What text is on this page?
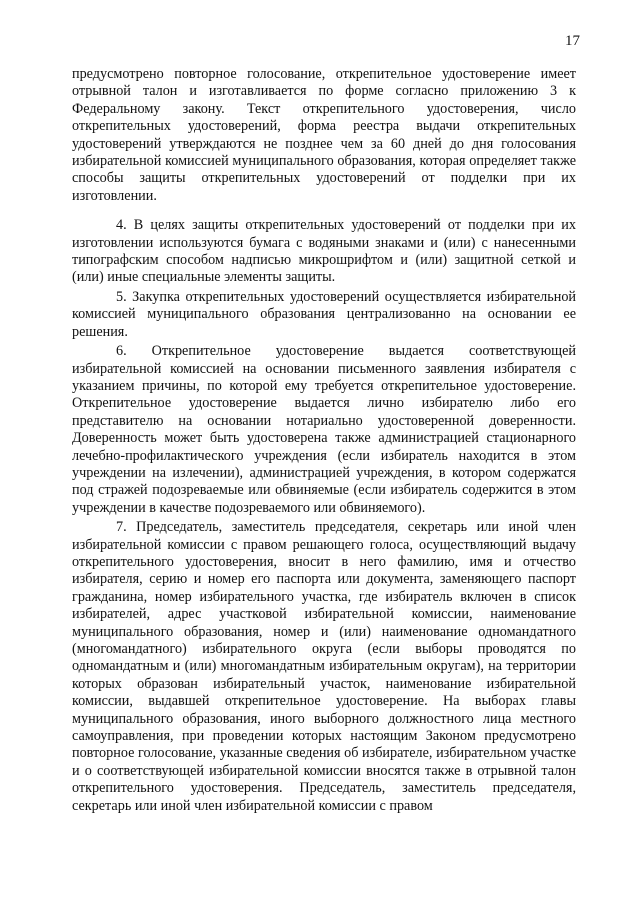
17

предусмотрено повторное голосование, открепительное удостоверение имеет отрывной талон и изготавливается по форме согласно приложению 3 к Федеральному закону. Текст открепительного удостоверения, число открепительных удостоверений, форма реестра выдачи открепительных удостоверений утверждаются не позднее чем за 60 дней до дня голосования избирательной комиссией муниципального образования, которая определяет также способы защиты открепительных удостоверений от подделки при их изготовлении.

4. В целях защиты открепительных удостоверений от подделки при их изготовлении используются бумага с водяными знаками и (или) с нанесенными типографским способом надписью микрошрифтом и (или) защитной сеткой и (или) иные специальные элементы защиты.

5. Закупка открепительных удостоверений осуществляется избирательной комиссией муниципального образования централизованно на основании ее решения.

6. Открепительное удостоверение выдается соответствующей избирательной комиссией на основании письменного заявления избирателя с указанием причины, по которой ему требуется открепительное удостоверение. Открепительное удостоверение выдается лично избирателю либо его представителю на основании нотариально удостоверенной доверенности. Доверенность может быть удостоверена также администрацией стационарного лечебно-профилактического учреждения (если избиратель находится в этом учреждении на излечении), администрацией учреждения, в котором содержатся под стражей подозреваемые или обвиняемые (если избиратель содержится в этом учреждении в качестве подозреваемого или обвиняемого).

7. Председатель, заместитель председателя, секретарь или иной член избирательной комиссии с правом решающего голоса, осуществляющий выдачу открепительного удостоверения, вносит в него фамилию, имя и отчество избирателя, серию и номер его паспорта или документа, заменяющего паспорт гражданина, номер избирательного участка, где избиратель включен в список избирателей, адрес участковой избирательной комиссии, наименование муниципального образования, номер и (или) наименование одномандатного (многомандатного) избирательного округа (если выборы проводятся по одномандатным и (или) многомандатным избирательным округам), на территории которых образован избирательный участок, наименование избирательной комиссии, выдавшей открепительное удостоверение. На выборах главы муниципального образования, иного выборного должностного лица местного самоуправления, при проведении которых настоящим Законом предусмотрено повторное голосование, указанные сведения об избирателе, избирательном участке и о соответствующей избирательной комиссии вносятся также в отрывной талон открепительного удостоверения. Председатель, заместитель председателя, секретарь или иной член избирательной комиссии с правом
